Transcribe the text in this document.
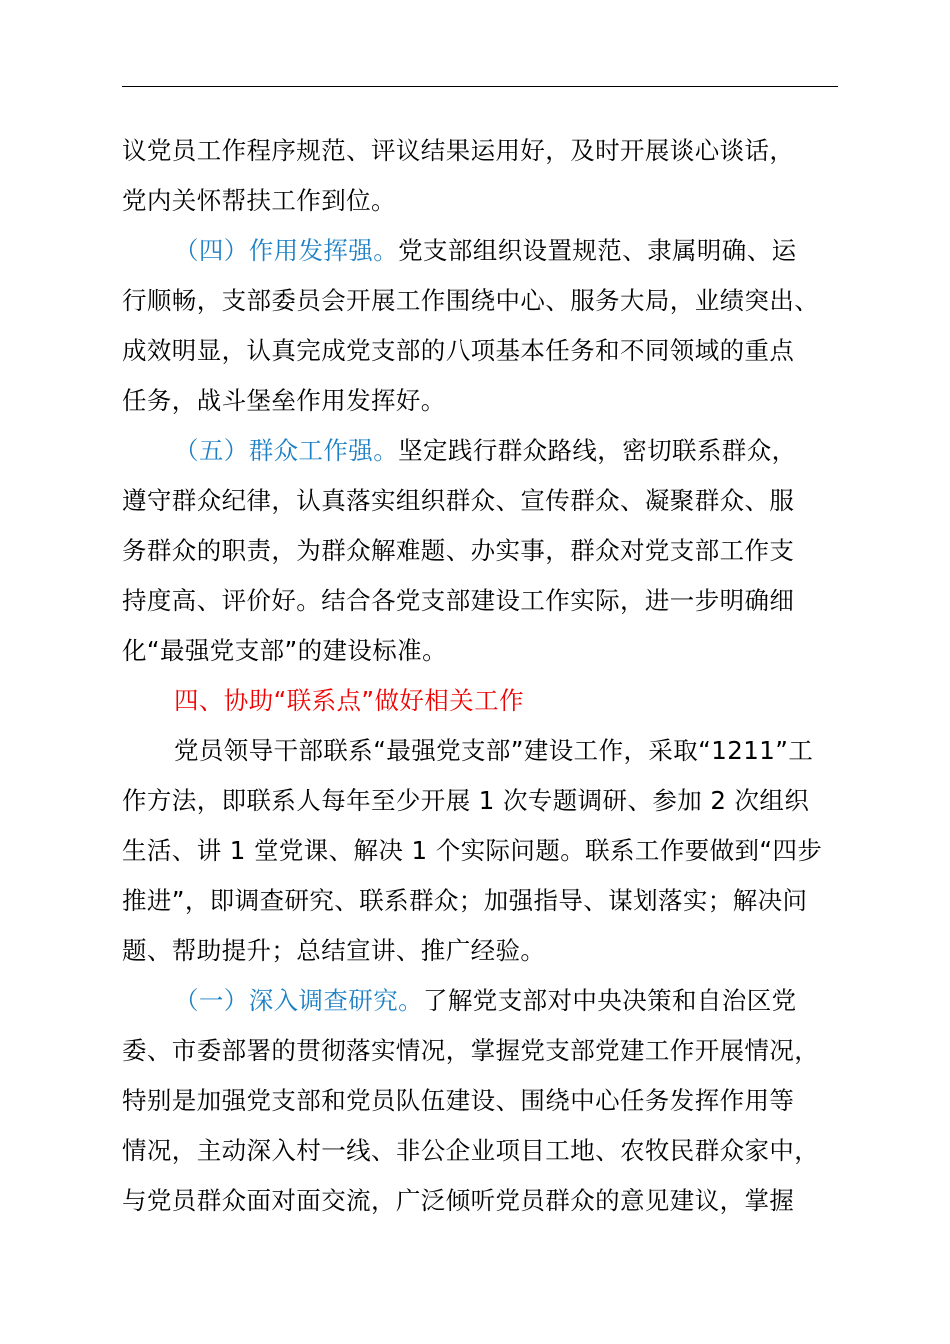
议党员工作程序规范、评议结果运用好，及时开展谈心谈话，
党内关怀帮扶工作到位。
（四）作用发挥强。党支部组织设置规范、隶属明确、运
行顺畅，支部委员会开展工作围绕中心、服务大局，业绩突出、
成效明显，认真完成党支部的八项基本任务和不同领域的重点
任务，战斗堡垒作用发挥好。
（五）群众工作强。坚定践行群众路线，密切联系群众，
遵守群众纪律，认真落实组织群众、宣传群众、凝聚群众、服
务群众的职责，为群众解难题、办实事，群众对党支部工作支
持度高、评价好。结合各党支部建设工作实际，进一步明确细
化“最强党支部”的建设标准。
四、协助“联系点”做好相关工作
党员领导干部联系“最强党支部”建设工作，采取“1211”工
作方法，即联系人每年至少开展 1 次专题调研、参加 2 次组织
生活、讲 1 堂党课、解决 1 个实际问题。联系工作要做到“四步
推进”，即调查研究、联系群众；加强指导、谋划落实；解决问
题、帮助提升；总结宣讲、推广经验。
（一）深入调查研究。了解党支部对中央决策和自治区党
委、市委部署的贯彻落实情况，掌握党支部党建工作开展情况，
特别是加强党支部和党员队伍建设、围绕中心任务发挥作用等
情况，主动深入村一线、非公企业项目工地、农牧民群众家中，
与党员群众面对面交流，广泛倾听党员群众的意见建议，掌握
